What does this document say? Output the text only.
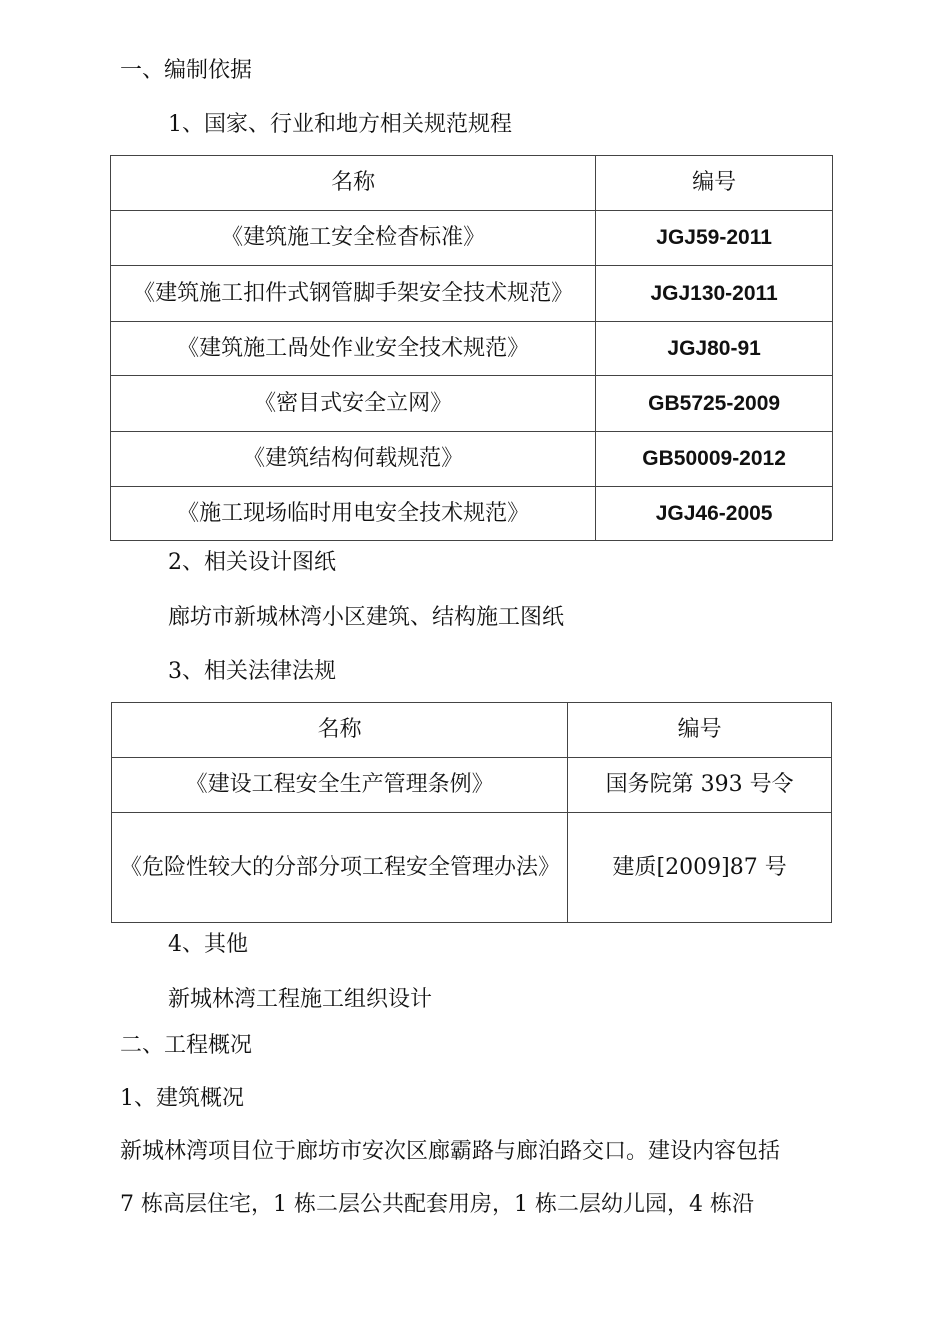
一、编制依据
1、国家、行业和地方相关规范规程
名称	编号
《建筑施工安全检杳标准》	JGJ59-2011
《建筑施工扣件式钢管脚手架安全技术规范》	JGJ130-2011
《建筑施工咼处作业安全技术规范》	JGJ80-91
《密目式安全立网》	GB5725-2009
《建筑结构何载规范》	GB50009-2012
《施工现场临时用电安全技术规范》	JGJ46-2005
2、相关设计图纸
廊坊市新城林湾小区建筑、结构施工图纸
3、相关法律法规
名称	编号
《建设工程安全生产管理条例》	国务院第 393 号令
《危险性较大的分部分项工程安全管理办法》	建质[2009]87 号
4、其他
新城林湾工程施工组织设计
二、工程概况
1、建筑概况
新城林湾项目位于廊坊市安次区廊霸路与廊泊路交口。建设内容包括
7 栋高层住宅，1 栋二层公共配套用房，1 栋二层幼儿园，4 栋沿
